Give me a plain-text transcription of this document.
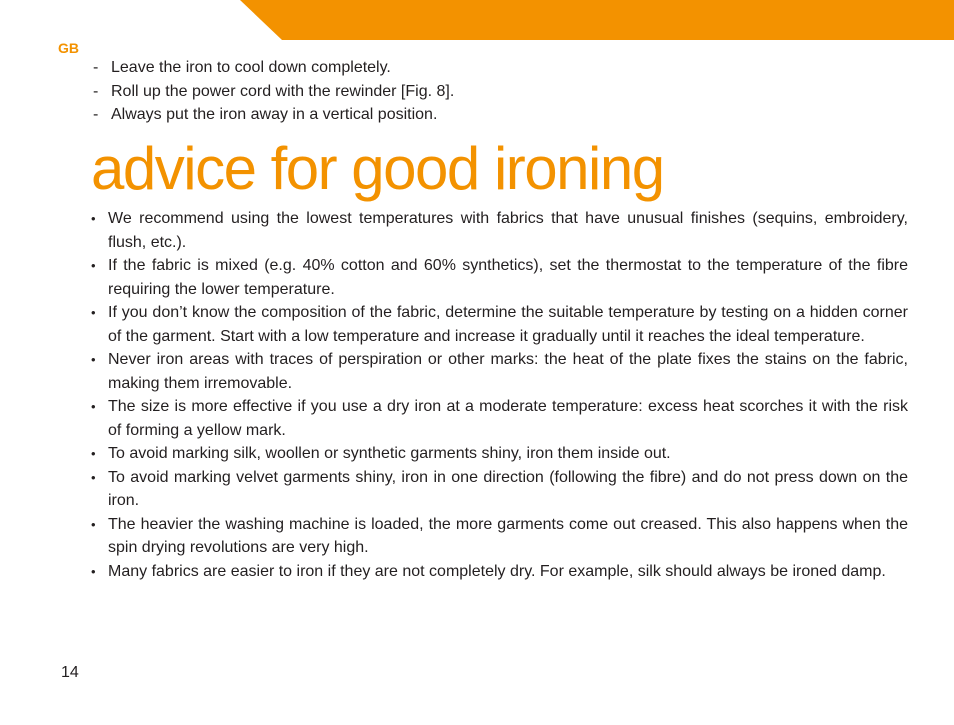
GB
- Leave the iron to cool down completely.
- Roll up the power cord with the rewinder [Fig. 8].
- Always put the iron away in a vertical position.
advice for good ironing
• We recommend using the lowest temperatures with fabrics that have unusual finishes (sequins, embroidery, flush, etc.).
• If the fabric is mixed (e.g. 40% cotton and 60% synthetics), set the thermostat to the temperature of the fibre requiring the lower temperature.
• If you don’t know the composition of the fabric, determine the suitable temperature by testing on a hidden corner of the garment. Start with a low temperature and increase it gradually until it reaches the ideal temperature.
• Never iron areas with traces of perspiration or other marks: the heat of the plate fixes the stains on the fabric, making them irremovable.
• The size is more effective if you use a dry iron at a moderate temperature: excess heat scorches it with the risk of forming a yellow mark.
• To avoid marking silk, woollen or synthetic garments shiny, iron them inside out.
• To avoid marking velvet garments shiny, iron in one direction (following the fibre) and do not press down on the iron.
• The heavier the washing machine is loaded, the more garments come out creased. This also happens when the spin drying revolutions are very high.
• Many fabrics are easier to iron if they are not completely dry. For example, silk should always be ironed damp.
14
